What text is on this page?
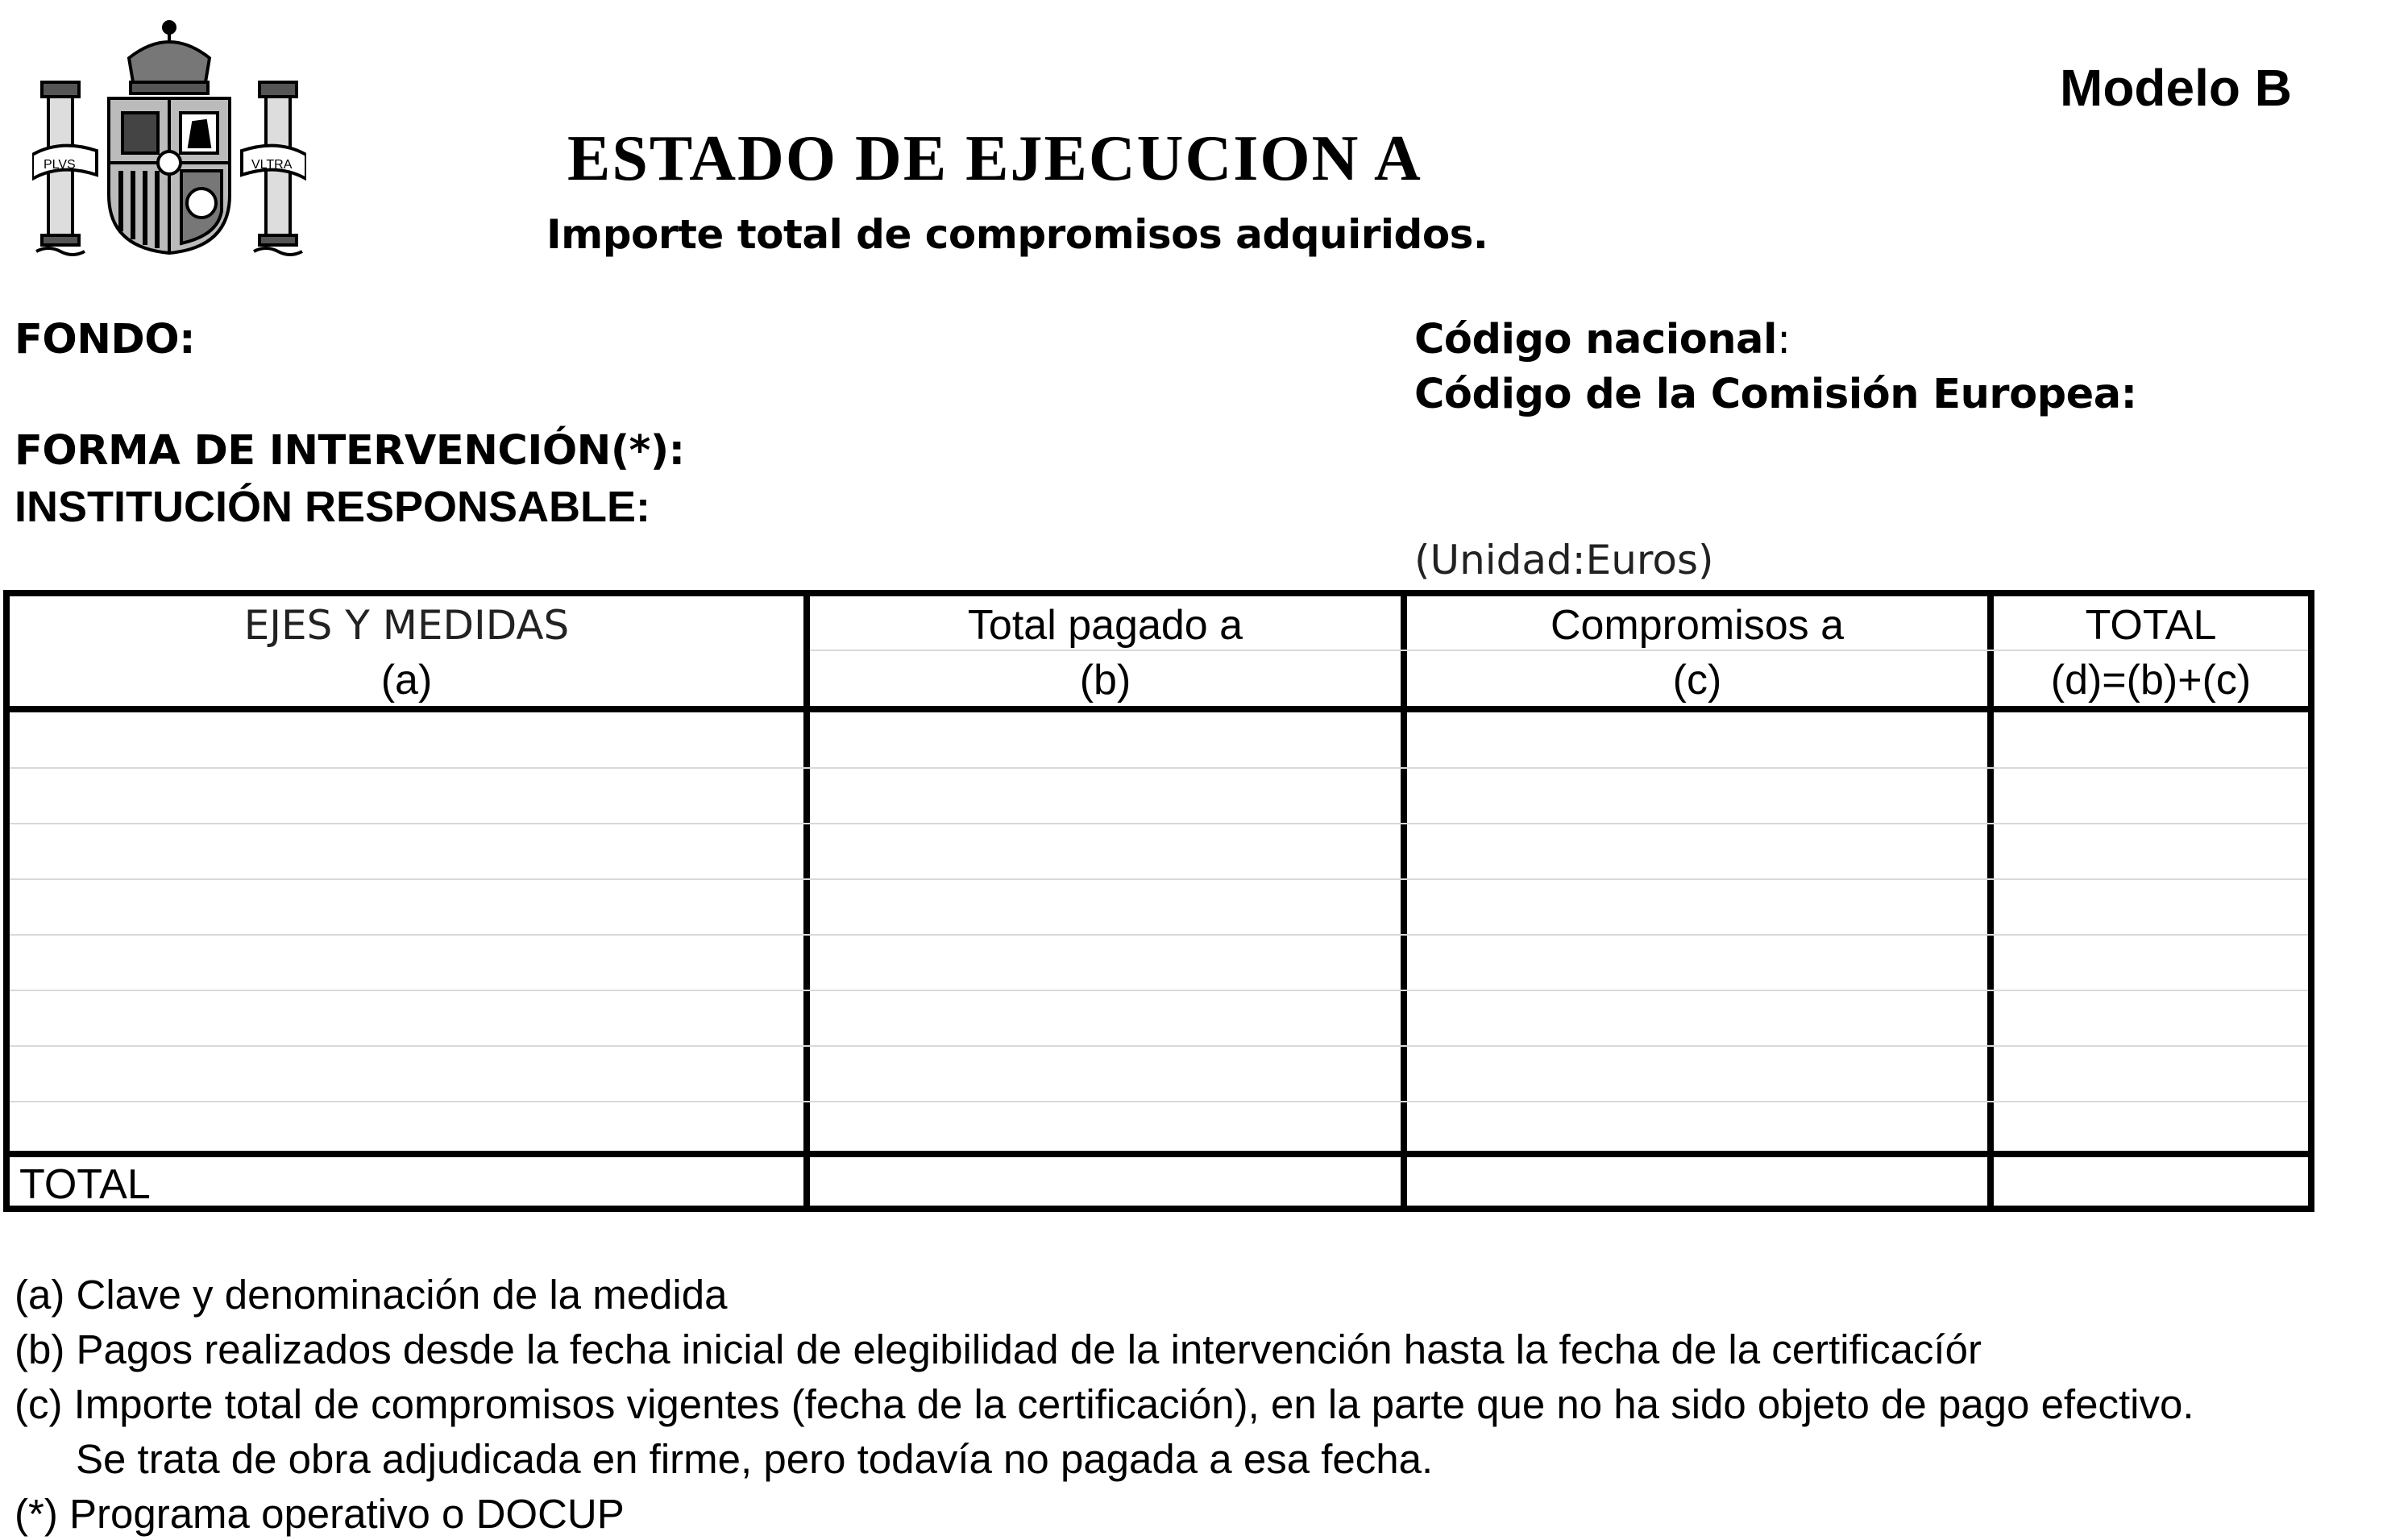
PLVS	VLTRA
Modelo B
ESTADO DE EJECUCION A
Importe total de compromisos adquiridos.
FONDO:
FORMA DE INTERVENCIÓN(*):
INSTITUCIÓN RESPONSABLE:
Código nacional:
Código de la Comisión Europea:
(Unidad:Euros)
EJES Y MEDIDAS
(a)
Total pagado a
(b)
Compromisos a
(c)
TOTAL
(d)=(b)+(c)
TOTAL
(a) Clave y denominación de la medida
(b) Pagos realizados desde la fecha inicial de elegibilidad de la intervención hasta la fecha de la certificacíór
(c) Importe total de compromisos vigentes (fecha de la certificación), en la parte que no ha sido objeto de pago efectivo.
Se trata de obra adjudicada en firme, pero todavía no pagada a esa fecha.
(*) Programa operativo o DOCUP
